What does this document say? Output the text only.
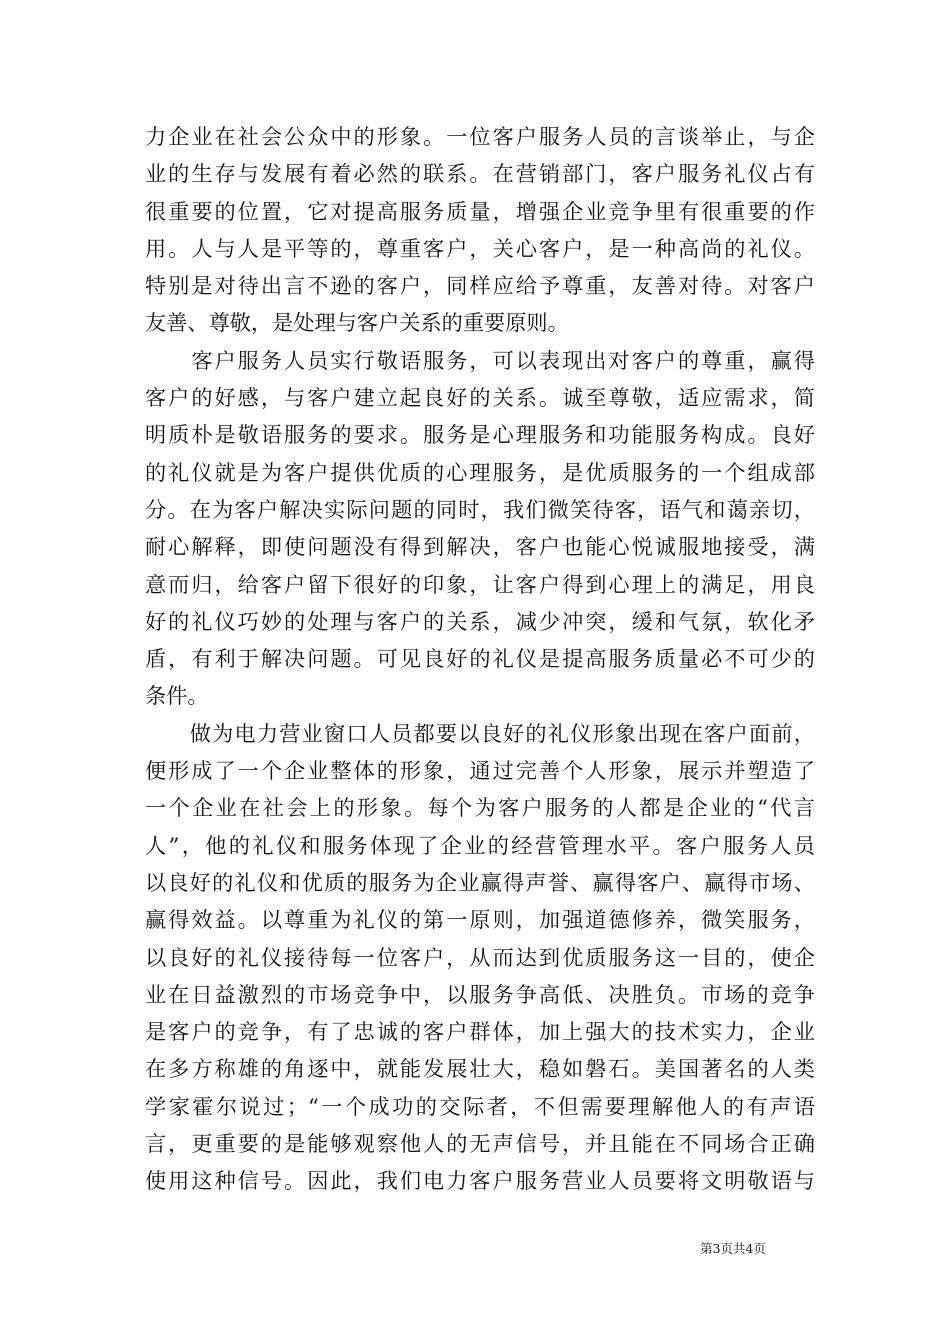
力企业在社会公众中的形象。一位客户服务人员的言谈举止，与企
业的生存与发展有着必然的联系。在营销部门，客户服务礼仪占有
很重要的位置，它对提高服务质量，增强企业竞争里有很重要的作
用。人与人是平等的，尊重客户，关心客户，是一种高尚的礼仪。
特别是对待出言不逊的客户，同样应给予尊重，友善对待。对客户
友善、尊敬，是处理与客户关系的重要原则。
　　客户服务人员实行敬语服务，可以表现出对客户的尊重，赢得
客户的好感，与客户建立起良好的关系。诚至尊敬，适应需求，简
明质朴是敬语服务的要求。服务是心理服务和功能服务构成。良好
的礼仪就是为客户提供优质的心理服务，是优质服务的一个组成部
分。在为客户解决实际问题的同时，我们微笑待客，语气和蔼亲切，
耐心解释，即使问题没有得到解决，客户也能心悦诚服地接受，满
意而归，给客户留下很好的印象，让客户得到心理上的满足，用良
好的礼仪巧妙的处理与客户的关系，减少冲突，缓和气氛，软化矛
盾，有利于解决问题。可见良好的礼仪是提高服务质量必不可少的
条件。
　　做为电力营业窗口人员都要以良好的礼仪形象出现在客户面前，
便形成了一个企业整体的形象，通过完善个人形象，展示并塑造了
一个企业在社会上的形象。每个为客户服务的人都是企业的“代言
人”，他的礼仪和服务体现了企业的经营管理水平。客户服务人员
以良好的礼仪和优质的服务为企业赢得声誉、赢得客户、赢得市场、
赢得效益。以尊重为礼仪的第一原则，加强道德修养，微笑服务，
以良好的礼仪接待每一位客户，从而达到优质服务这一目的，使企
业在日益激烈的市场竞争中，以服务争高低、决胜负。市场的竞争
是客户的竞争，有了忠诚的客户群体，加上强大的技术实力，企业
在多方称雄的角逐中，就能发展壮大，稳如磐石。美国著名的人类
学家霍尔说过；“一个成功的交际者，不但需要理解他人的有声语
言，更重要的是能够观察他人的无声信号，并且能在不同场合正确
使用这种信号。因此，我们电力客户服务营业人员要将文明敬语与
第3页共4页
